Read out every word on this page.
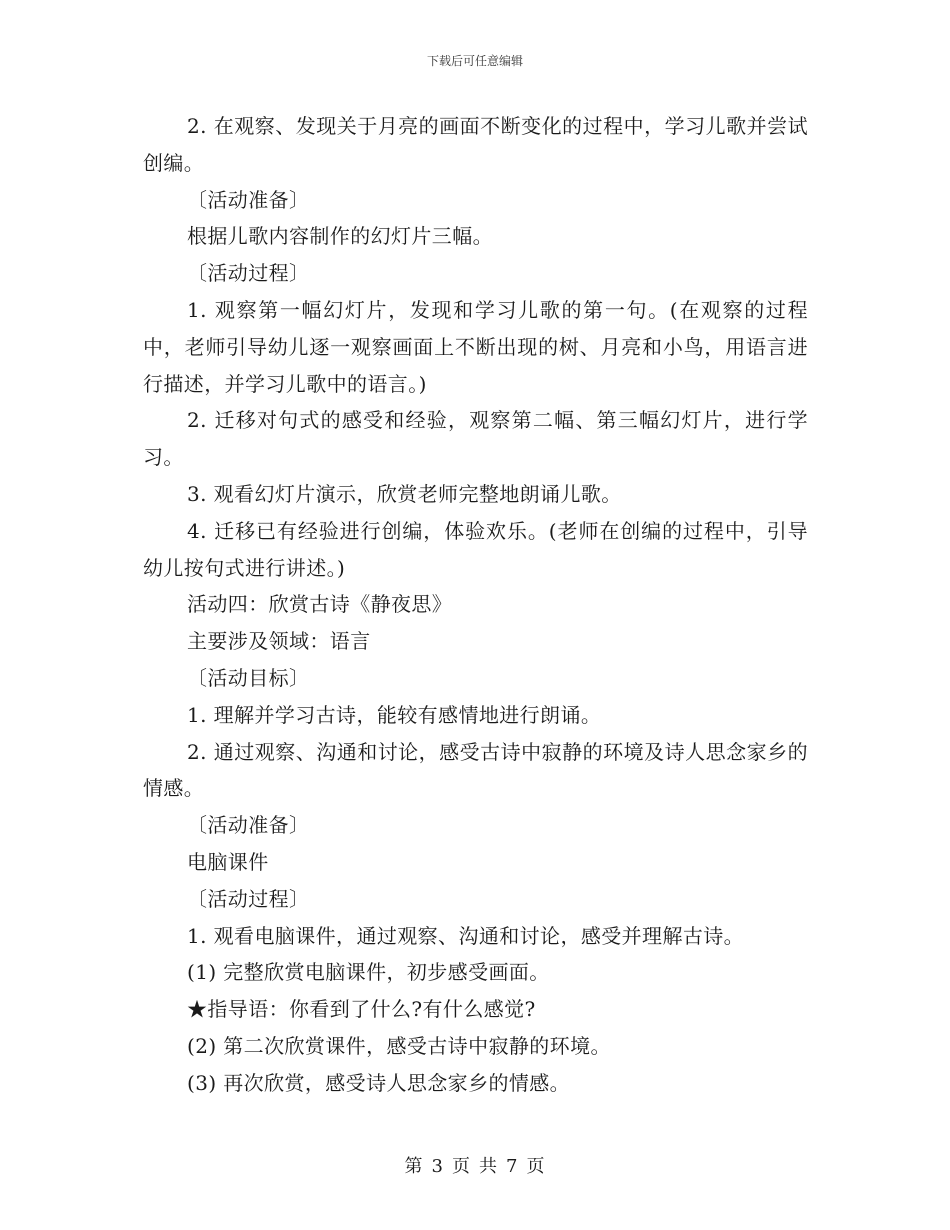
下载后可任意编辑

2. 在观察、发现关于月亮的画面不断变化的过程中，学习儿歌并尝试创编。

〔活动准备〕

根据儿歌内容制作的幻灯片三幅。

〔活动过程〕

1. 观察第一幅幻灯片，发现和学习儿歌的第一句。(在观察的过程中，老师引导幼儿逐一观察画面上不断出现的树、月亮和小鸟，用语言进行描述，并学习儿歌中的语言。)

2. 迁移对句式的感受和经验，观察第二幅、第三幅幻灯片，进行学习。

3. 观看幻灯片演示，欣赏老师完整地朗诵儿歌。

4. 迁移已有经验进行创编，体验欢乐。(老师在创编的过程中，引导幼儿按句式进行讲述。)

活动四：欣赏古诗《静夜思》

主要涉及领域：语言

〔活动目标〕

1. 理解并学习古诗，能较有感情地进行朗诵。

2. 通过观察、沟通和讨论，感受古诗中寂静的环境及诗人思念家乡的情感。

〔活动准备〕

电脑课件

〔活动过程〕

1. 观看电脑课件，通过观察、沟通和讨论，感受并理解古诗。

(1) 完整欣赏电脑课件，初步感受画面。

★指导语：你看到了什么?有什么感觉?

(2) 第二次欣赏课件，感受古诗中寂静的环境。

(3) 再次欣赏，感受诗人思念家乡的情感。

第 3 页 共 7 页
